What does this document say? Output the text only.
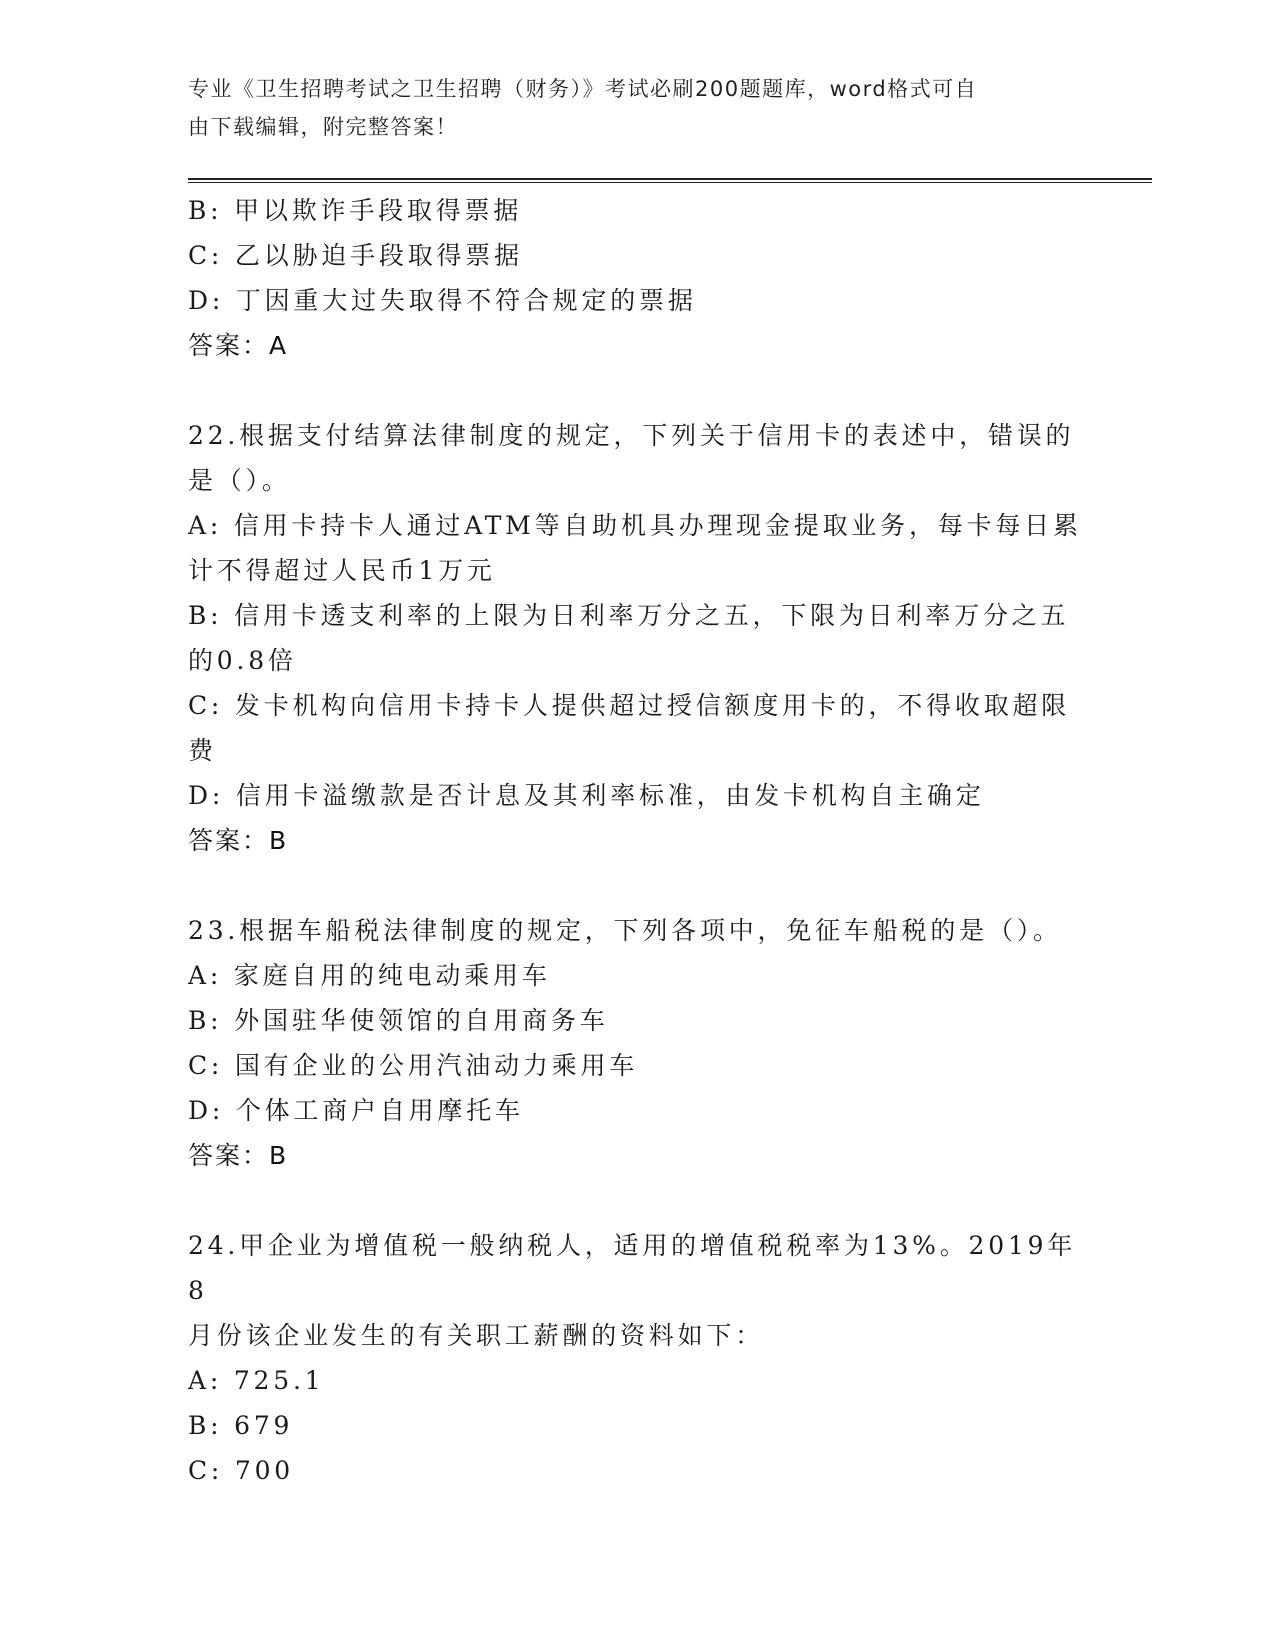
专业《卫生招聘考试之卫生招聘（财务）》考试必刷200题题库，word格式可自
由下载编辑，附完整答案！
B: 甲以欺诈手段取得票据
C: 乙以胁迫手段取得票据
D: 丁因重大过失取得不符合规定的票据
答案：A
22.根据支付结算法律制度的规定，下列关于信用卡的表述中，错误的
是（）。
A: 信用卡持卡人通过ATM等自助机具办理现金提取业务，每卡每日累
计不得超过人民币1万元
B: 信用卡透支利率的上限为日利率万分之五，下限为日利率万分之五
的0.8倍
C: 发卡机构向信用卡持卡人提供超过授信额度用卡的，不得收取超限
费
D: 信用卡溢缴款是否计息及其利率标准，由发卡机构自主确定
答案：B
23.根据车船税法律制度的规定，下列各项中，免征车船税的是（）。
A: 家庭自用的纯电动乘用车
B: 外国驻华使领馆的自用商务车
C: 国有企业的公用汽油动力乘用车
D: 个体工商户自用摩托车
答案：B
24.甲企业为增值税一般纳税人，适用的增值税税率为13%。2019年8
月份该企业发生的有关职工薪酬的资料如下：
A: 725.1
B: 679
C: 700
